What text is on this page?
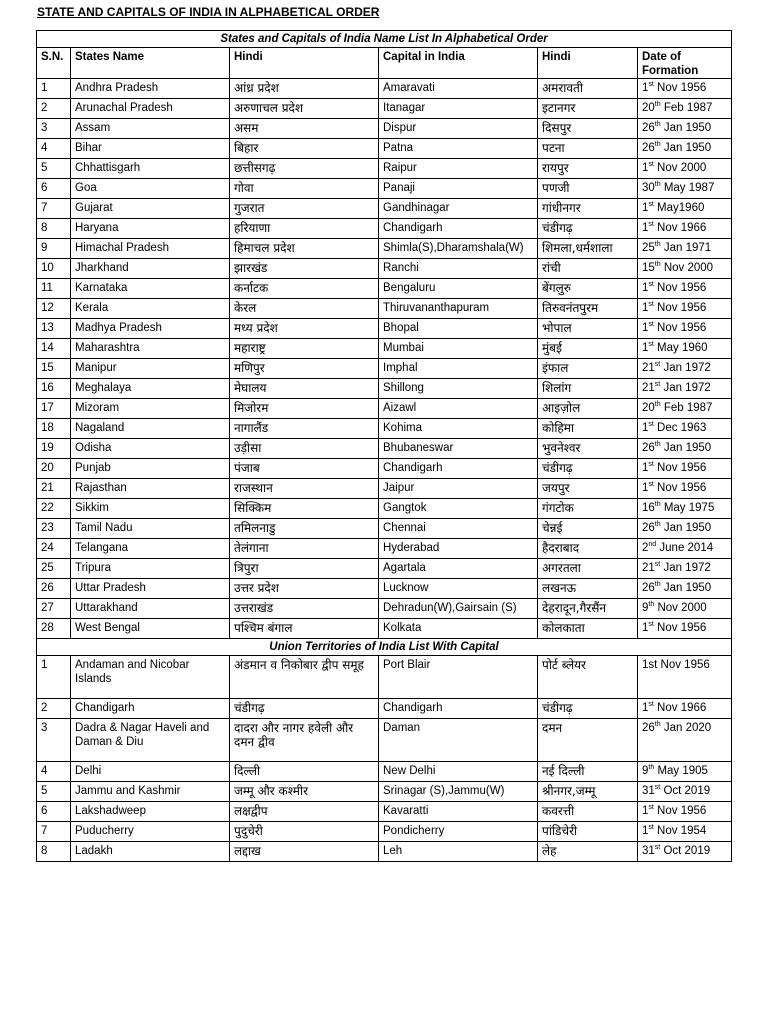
STATE AND CAPITALS OF INDIA IN ALPHABETICAL ORDER
States and Capitals of India Name List In Alphabetical Order					
S.N.	States Name	Hindi	Capital in India	Hindi	Date of Formation
1	Andhra Pradesh	आंध्र प्रदेश	Amaravati	अमरावती	1st Nov 1956
2	Arunachal Pradesh	अरुणाचल प्रदेश	Itanagar	इटानगर	20th Feb 1987
3	Assam	असम	Dispur	दिसपुर	26th Jan 1950
4	Bihar	बिहार	Patna	पटना	26th Jan 1950
5	Chhattisgarh	छत्तीसगढ़	Raipur	रायपुर	1st Nov 2000
6	Goa	गोवा	Panaji	पणजी	30th May 1987
7	Gujarat	गुजरात	Gandhinagar	गांधीनगर	1st May1960
8	Haryana	हरियाणा	Chandigarh	चंडीगढ़	1st Nov 1966
9	Himachal Pradesh	हिमाचल प्रदेश	Shimla(S),Dharamshala(W)	शिमला,धर्मशाला	25th Jan 1971
10	Jharkhand	झारखंड	Ranchi	रांची	15th Nov 2000
11	Karnataka	कर्नाटक	Bengaluru	बेंगलुरु	1st Nov 1956
12	Kerala	केरल	Thiruvananthapuram	तिरुवनंतपुरम	1st Nov 1956
13	Madhya Pradesh	मध्य प्रदेश	Bhopal	भोपाल	1st Nov 1956
14	Maharashtra	महाराष्ट्र	Mumbai	मुंबई	1st May 1960
15	Manipur	मणिपुर	Imphal	इंफाल	21st Jan 1972
16	Meghalaya	मेघालय	Shillong	शिलांग	21st Jan 1972
17	Mizoram	मिजोरम	Aizawl	आइज़ोल	20th Feb 1987
18	Nagaland	नागालैंड	Kohima	कोहिमा	1st Dec 1963
19	Odisha	उड़ीसा	Bhubaneswar	भुवनेश्वर	26th Jan 1950
20	Punjab	पंजाब	Chandigarh	चंडीगढ़	1st Nov 1956
21	Rajasthan	राजस्थान	Jaipur	जयपुर	1st Nov 1956
22	Sikkim	सिक्किम	Gangtok	गंगटोक	16th May 1975
23	Tamil Nadu	तमिलनाडु	Chennai	चेन्नई	26th Jan 1950
24	Telangana	तेलंगाना	Hyderabad	हैदराबाद	2nd June 2014
25	Tripura	त्रिपुरा	Agartala	अगरतला	21st Jan 1972
26	Uttar Pradesh	उत्तर प्रदेश	Lucknow	लखनऊ	26th Jan 1950
27	Uttarakhand	उत्तराखंड	Dehradun(W),Gairsain (S)	देहरादून,गैरसैंन	9th Nov 2000
28	West Bengal	पश्चिम बंगाल	Kolkata	कोलकाता	1st Nov 1956
Union Territories of India List With Capital					
1	Andaman and Nicobar Islands	अंडमान व निकोबार द्वीप समूह	Port Blair	पोर्ट ब्लेयर	1st Nov 1956
2	Chandigarh	चंडीगढ़	Chandigarh	चंडीगढ़	1st Nov 1966
3	Dadra & Nagar Haveli and Daman & Diu	दादरा और नागर हवेली और दमन द्वीव	Daman	दमन	26th Jan 2020
4	Delhi	दिल्ली	New Delhi	नई दिल्ली	9th May 1905
5	Jammu and Kashmir	जम्मू और कश्मीर	Srinagar (S),Jammu(W)	श्रीनगर,जम्मू	31st Oct 2019
6	Lakshadweep	लक्षद्वीप	Kavaratti	कवरत्ती	1st Nov 1956
7	Puducherry	पुदुचेरी	Pondicherry	पांडिचेरी	1st Nov 1954
8	Ladakh	लद्दाख	Leh	लेह	31st Oct 2019
